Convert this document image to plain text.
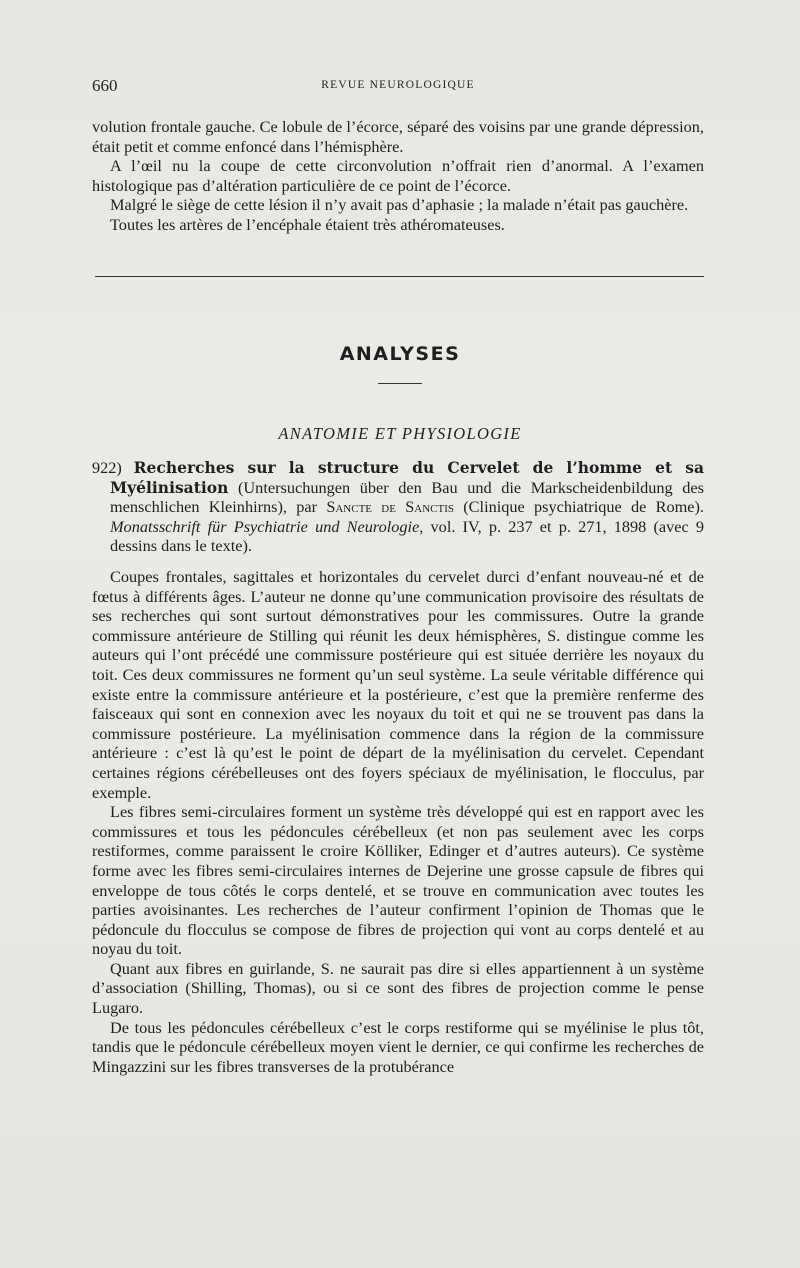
660	REVUE NEUROLOGIQUE

volution frontale gauche. Ce lobule de l’écorce, séparé des voisins par une grande dépression, était petit et comme enfoncé dans l’hémisphère.

A l’œil nu la coupe de cette circonvolution n’offrait rien d’anormal. A l’examen histologique pas d’altération particulière de ce point de l’écorce.

Malgré le siège de cette lésion il n’y avait pas d’aphasie ; la malade n’était pas gauchère.

Toutes les artères de l’encéphale étaient très athéromateuses.

ANALYSES
ANATOMIE ET PHYSIOLOGIE

922) Recherches sur la structure du Cervelet de l’homme et sa Myélinisation (Untersuchungen über den Bau und die Markscheidenbildung des menschlichen Kleinhirns), par Sancte de Sanctis (Clinique psychiatrique de Rome). Monatsschrift für Psychiatrie und Neurologie, vol. IV, p. 237 et p. 271, 1898 (avec 9 dessins dans le texte).

Coupes frontales, sagittales et horizontales du cervelet durci d’enfant nouveau-né et de fœtus à différents âges. L’auteur ne donne qu’une communication provisoire des résultats de ses recherches qui sont surtout démonstratives pour les commissures. Outre la grande commissure antérieure de Stilling qui réunit les deux hémisphères, S. distingue comme les auteurs qui l’ont précédé une commissure postérieure qui est située derrière les noyaux du toit. Ces deux commissures ne forment qu’un seul système. La seule véritable différence qui existe entre la commissure antérieure et la postérieure, c’est que la première renferme des faisceaux qui sont en connexion avec les noyaux du toit et qui ne se trouvent pas dans la commissure postérieure. La myélinisation commence dans la région de la commissure antérieure : c’est là qu’est le point de départ de la myélinisation du cervelet. Cependant certaines régions cérébelleuses ont des foyers spéciaux de myélinisation, le flocculus, par exemple.

Les fibres semi-circulaires forment un système très développé qui est en rapport avec les commissures et tous les pédoncules cérébelleux (et non pas seulement avec les corps restiformes, comme paraissent le croire Kölliker, Edinger et d’autres auteurs). Ce système forme avec les fibres semi-circulaires internes de Dejerine une grosse capsule de fibres qui enveloppe de tous côtés le corps dentelé, et se trouve en communication avec toutes les parties avoisinantes. Les recherches de l’auteur confirment l’opinion de Thomas que le pédoncule du flocculus se compose de fibres de projection qui vont au corps dentelé et au noyau du toit.

Quant aux fibres en guirlande, S. ne saurait pas dire si elles appartiennent à un système d’association (Shilling, Thomas), ou si ce sont des fibres de projection comme le pense Lugaro.

De tous les pédoncules cérébelleux c’est le corps restiforme qui se myélinise le plus tôt, tandis que le pédoncule cérébelleux moyen vient le dernier, ce qui confirme les recherches de Mingazzini sur les fibres transverses de la protubérance
